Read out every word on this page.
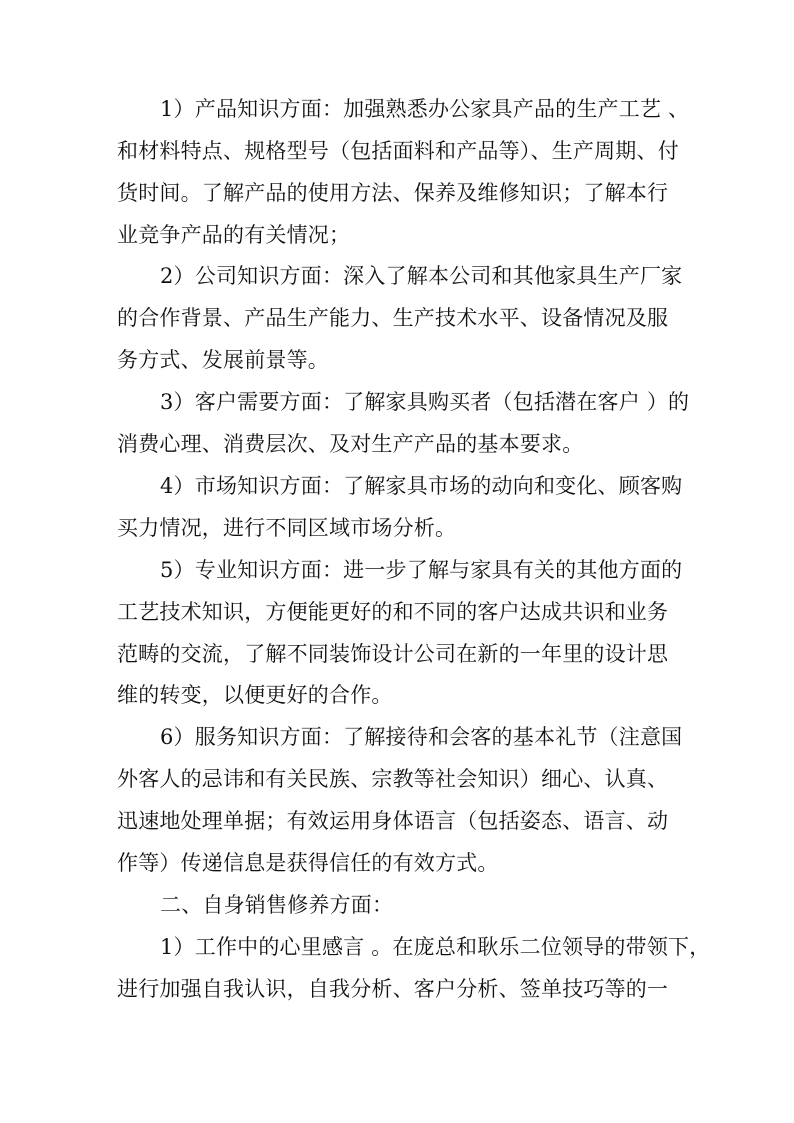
1）产品知识方面：加强熟悉办公家具产品的生产工艺 、
和材料特点、规格型号（包括面料和产品等）、生产周期、付
货时间。了解产品的使用方法、保养及维修知识；了解本行
业竞争产品的有关情况；
2）公司知识方面：深入了解本公司和其他家具生产厂家
的合作背景、产品生产能力、生产技术水平、设备情况及服
务方式、发展前景等。
3）客户需要方面：了解家具购买者（包括潜在客户 ）的
消费心理、消费层次、及对生产产品的基本要求。
4）市场知识方面：了解家具市场的动向和变化、顾客购
买力情况，进行不同区域市场分析。
5）专业知识方面：进一步了解与家具有关的其他方面的
工艺技术知识，方便能更好的和不同的客户达成共识和业务
范畴的交流，了解不同装饰设计公司在新的一年里的设计思
维的转变，以便更好的合作。
6）服务知识方面：了解接待和会客的基本礼节（注意国
外客人的忌讳和有关民族、宗教等社会知识）细心、认真、
迅速地处理单据；有效运用身体语言（包括姿态、语言、动
作等）传递信息是获得信任的有效方式。
二、自身销售修养方面：
1）工作中的心里感言 。在庞总和耿乐二位领导的带领下，
进行加强自我认识，自我分析、客户分析、签单技巧等的一
